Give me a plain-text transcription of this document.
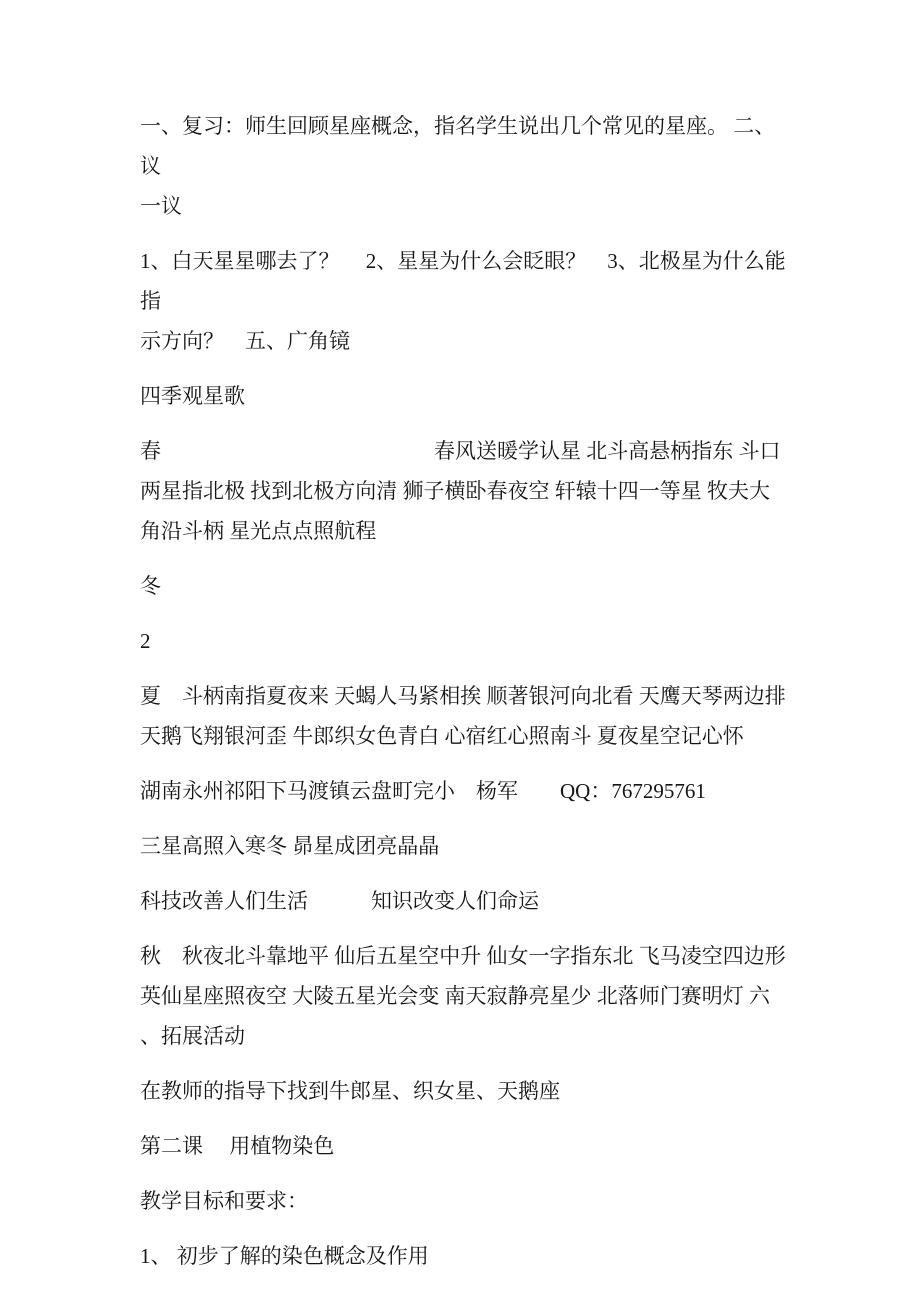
一、复习：师生回顾星座概念，指名学生说出几个常见的星座。 二、议
一议

1、白天星星哪去了？　 2、星星为什么会眨眼？　3、北极星为什么能指
示方向？　五、广角镜

四季观星歌

春　　　　　　　　　　　　　春风送暖学认星 北斗高悬柄指东 斗口
两星指北极 找到北极方向清 狮子横卧春夜空 轩辕十四一等星 牧夫大
角沿斗柄 星光点点照航程

冬

2

夏　斗柄南指夏夜来 天蝎人马紧相挨 顺著银河向北看 天鹰天琴两边排
天鹅飞翔银河歪 牛郎织女色青白 心宿红心照南斗 夏夜星空记心怀

湖南永州祁阳下马渡镇云盘町完小　杨军　　QQ：767295761

三星高照入寒冬 昴星成团亮晶晶

科技改善人们生活　　　知识改变人们命运

秋　秋夜北斗靠地平 仙后五星空中升 仙女一字指东北 飞马凌空四边形
英仙星座照夜空 大陵五星光会变 南天寂静亮星少 北落师门赛明灯 六
、拓展活动

在教师的指导下找到牛郎星、织女星、天鹅座

第二课　 用植物染色

教学目标和要求：

1、 初步了解的染色概念及作用
